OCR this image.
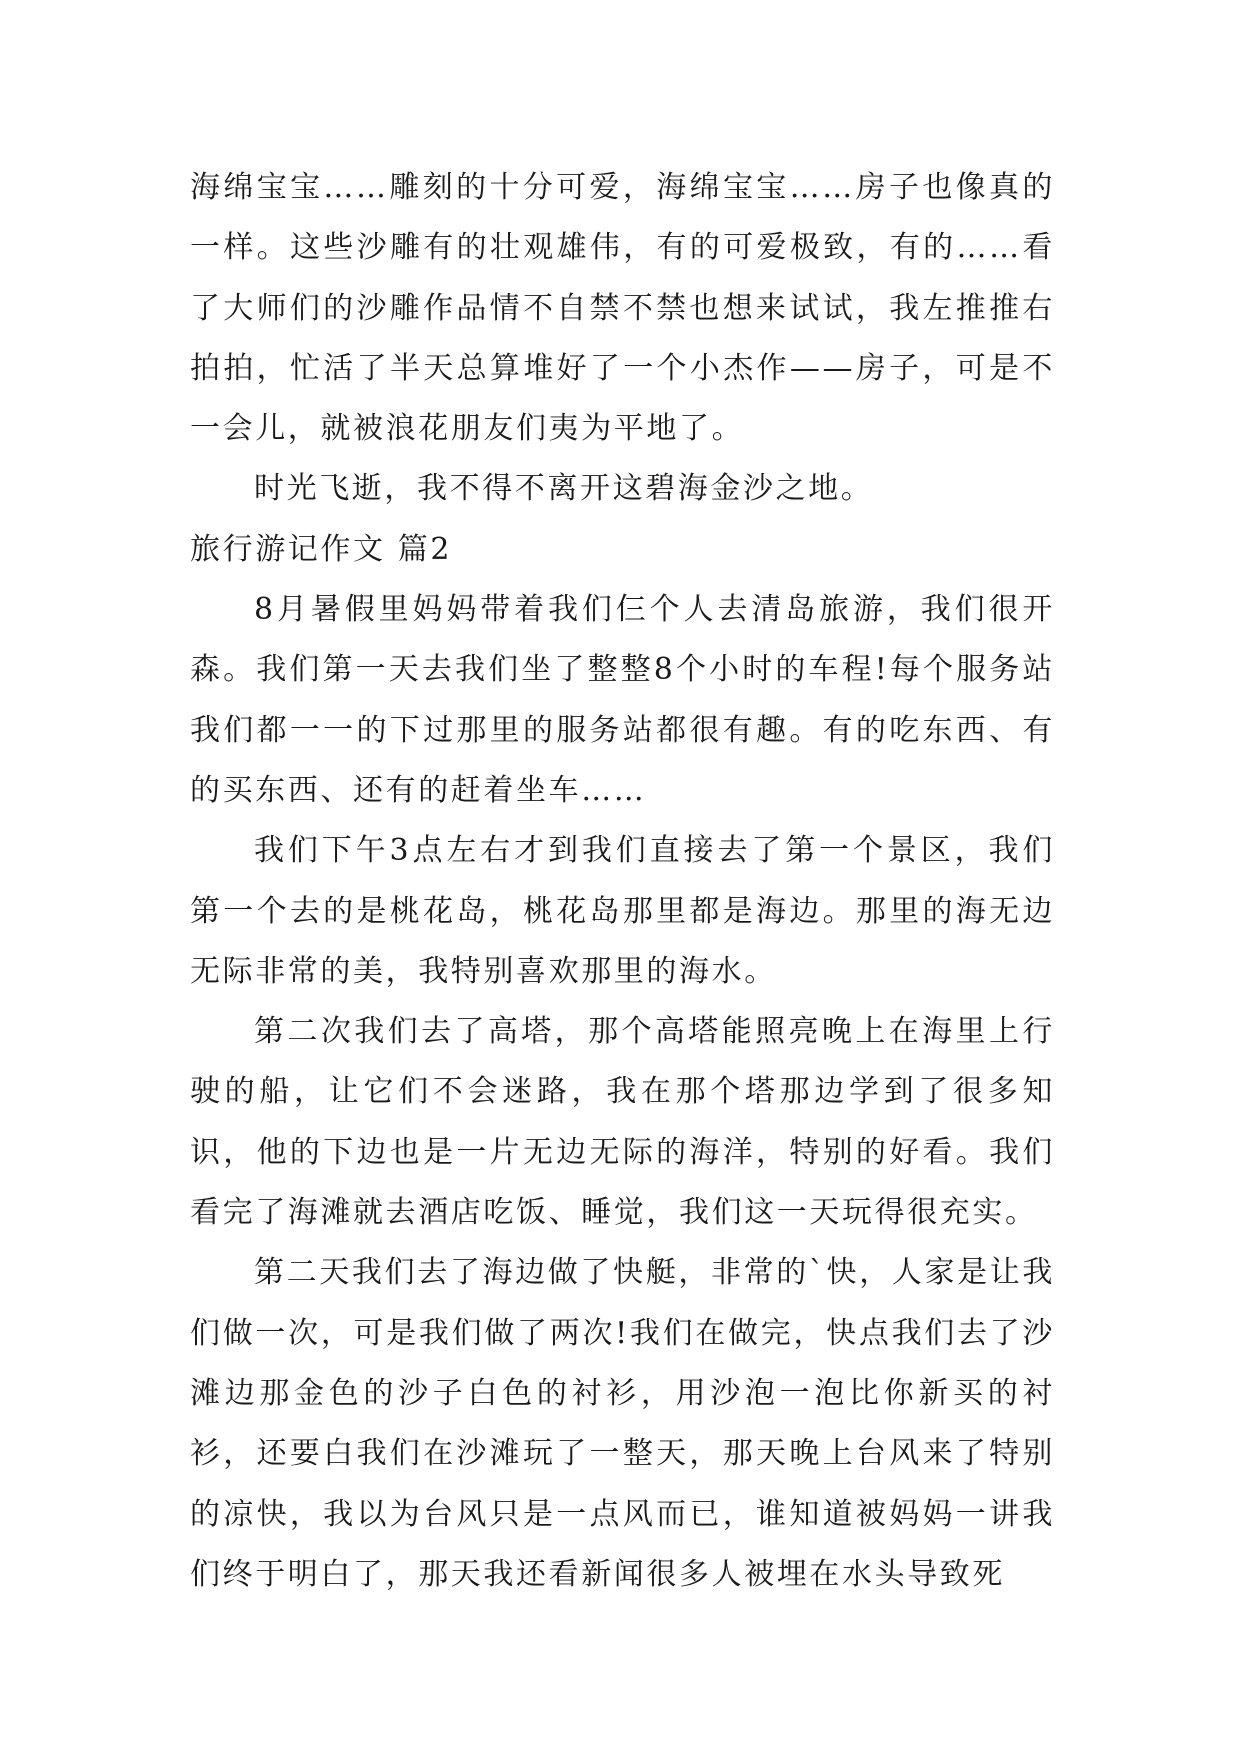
海绵宝宝……雕刻的十分可爱，海绵宝宝……房子也像真的一样。这些沙雕有的壮观雄伟，有的可爱极致，有的……看了大师们的沙雕作品情不自禁不禁也想来试试，我左推推右拍拍，忙活了半天总算堆好了一个小杰作——房子，可是不一会儿，就被浪花朋友们夷为平地了。

时光飞逝，我不得不离开这碧海金沙之地。

旅行游记作文 篇2

8月暑假里妈妈带着我们仨个人去清岛旅游，我们很开森。我们第一天去我们坐了整整8个小时的车程!每个服务站我们都一一的下过那里的服务站都很有趣。有的吃东西、有的买东西、还有的赶着坐车……

我们下午3点左右才到我们直接去了第一个景区，我们第一个去的是桃花岛，桃花岛那里都是海边。那里的海无边无际非常的美，我特别喜欢那里的海水。

第二次我们去了高塔，那个高塔能照亮晚上在海里上行驶的船，让它们不会迷路，我在那个塔那边学到了很多知识，他的下边也是一片无边无际的海洋，特别的好看。我们看完了海滩就去酒店吃饭、睡觉，我们这一天玩得很充实。

第二天我们去了海边做了快艇，非常的`快，人家是让我们做一次，可是我们做了两次!我们在做完，快点我们去了沙滩边那金色的沙子白色的衬衫，用沙泡一泡比你新买的衬衫，还要白我们在沙滩玩了一整天，那天晚上台风来了特别的凉快，我以为台风只是一点风而已，谁知道被妈妈一讲我们终于明白了，那天我还看新闻很多人被埋在水头导致死
